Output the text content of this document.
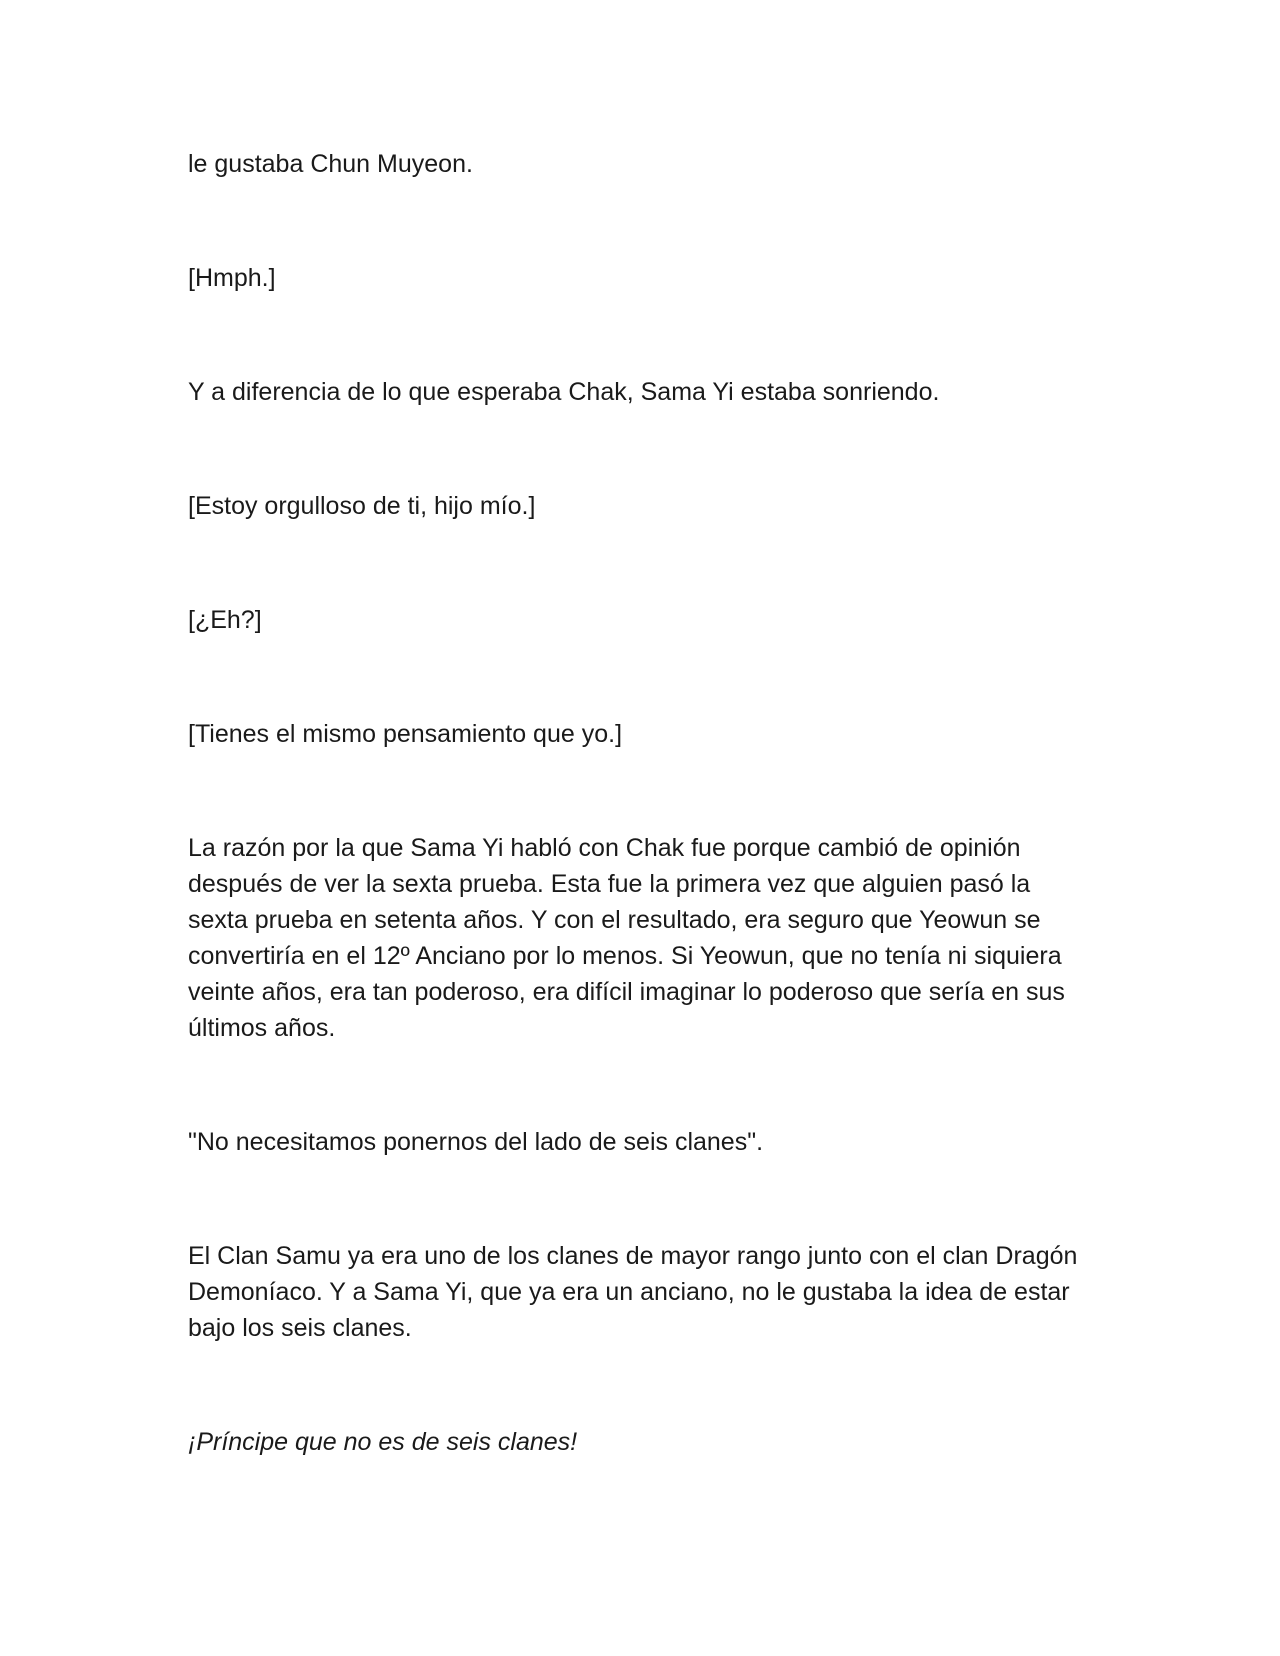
le gustaba Chun Muyeon.

[Hmph.]

Y a diferencia de lo que esperaba Chak, Sama Yi estaba sonriendo.

[Estoy orgulloso de ti, hijo mío.]

[¿Eh?]

[Tienes el mismo pensamiento que yo.]

La razón por la que Sama Yi habló con Chak fue porque cambió de opinión después de ver la sexta prueba. Esta fue la primera vez que alguien pasó la sexta prueba en setenta años. Y con el resultado, era seguro que Yeowun se convertiría en el 12º Anciano por lo menos. Si Yeowun, que no tenía ni siquiera veinte años, era tan poderoso, era difícil imaginar lo poderoso que sería en sus últimos años.

"No necesitamos ponernos del lado de seis clanes".

El Clan Samu ya era uno de los clanes de mayor rango junto con el clan Dragón Demoníaco. Y a Sama Yi, que ya era un anciano, no le gustaba la idea de estar bajo los seis clanes.

¡Príncipe que no es de seis clanes!
